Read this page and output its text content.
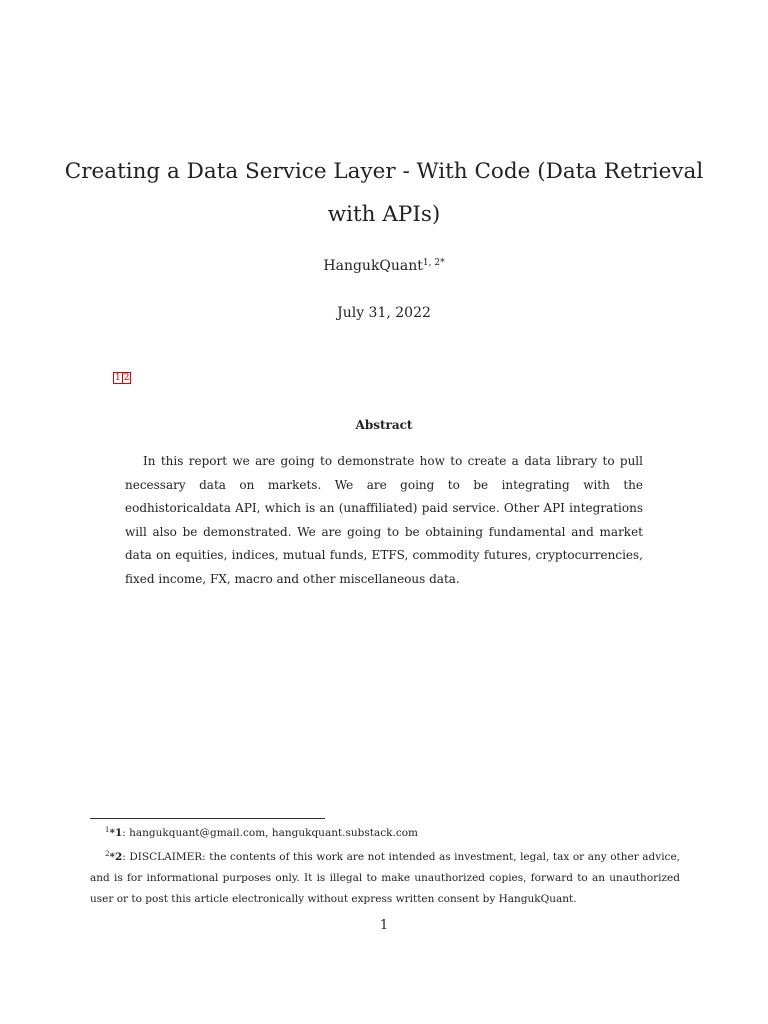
Creating a Data Service Layer - With Code (Data Retrieval with APIs)
HangukQuant$^{1, 2*}$
July 31, 2022
1 2
Abstract

In this report we are going to demonstrate how to create a data library to pull necessary data on markets. We are going to be integrating with the eodhistoricaldata API, which is an (unaffiliated) paid service. Other API integrations will also be demonstrated. We are going to be obtaining fundamental and market data on equities, indices, mutual funds, ETFS, commodity futures, cryptocurrencies, fixed income, FX, macro and other miscellaneous data.

$^1$*1: hangukquant@gmail.com, hangukquant.substack.com

$^2$*2: DISCLAIMER: the contents of this work are not intended as investment, legal, tax or any other advice, and is for informational purposes only. It is illegal to make unauthorized copies, forward to an unauthorized user or to post this article electronically without express written consent by HangukQuant.

1
